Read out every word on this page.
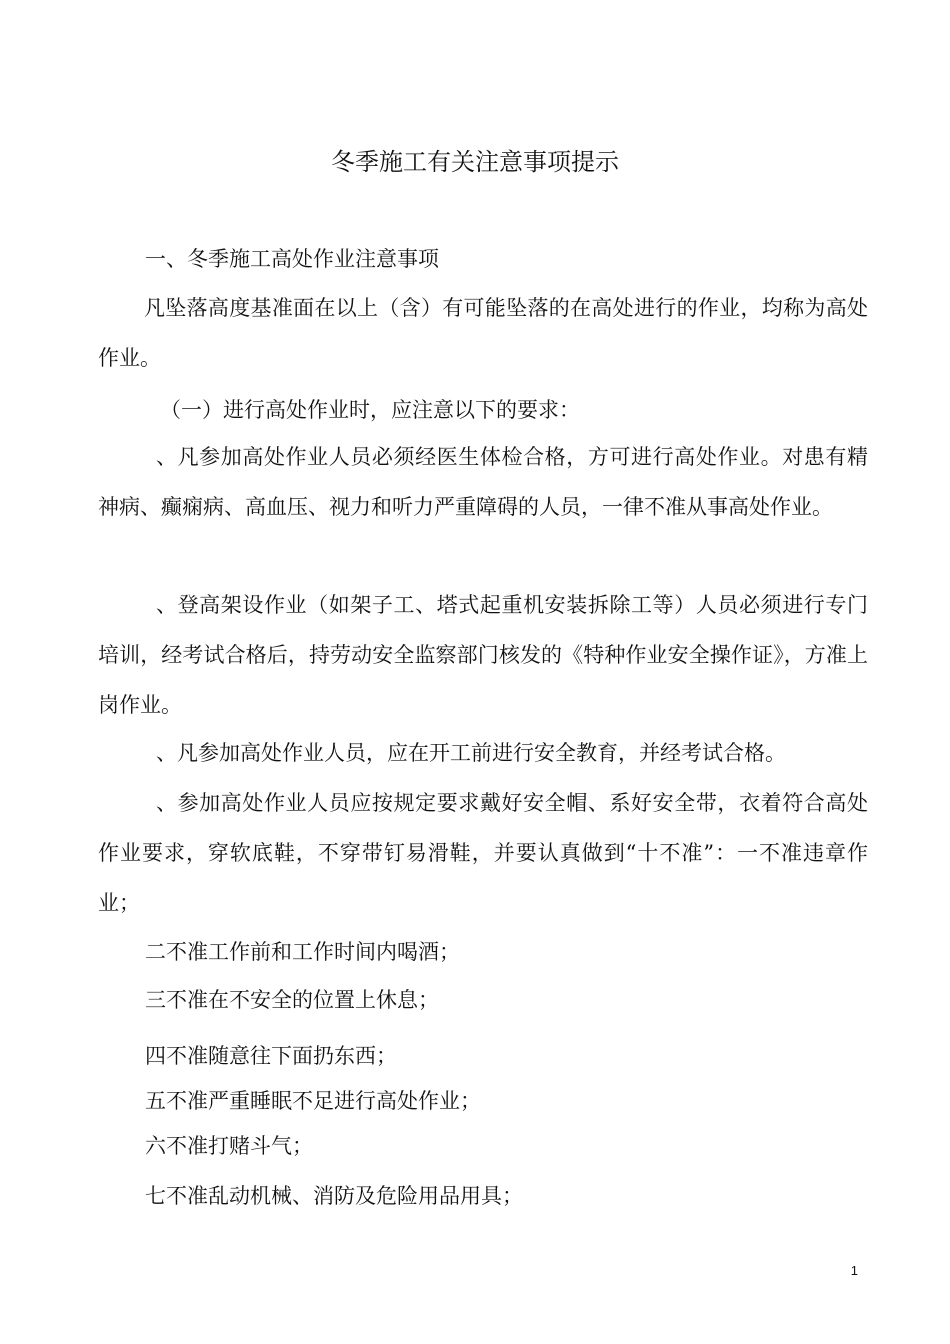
冬季施工有关注意事项提示
一、冬季施工高处作业注意事项
凡坠落高度基准面在以上（含）有可能坠落的在高处进行的作业，均称为高处作业。
（一）进行高处作业时，应注意以下的要求：
、凡参加高处作业人员必须经医生体检合格，方可进行高处作业。对患有精神病、癫痫病、高血压、视力和听力严重障碍的人员，一律不准从事高处作业。
、登高架设作业（如架子工、塔式起重机安装拆除工等）人员必须进行专门培训，经考试合格后，持劳动安全监察部门核发的《特种作业安全操作证》，方准上岗作业。
、凡参加高处作业人员，应在开工前进行安全教育，并经考试合格。
、参加高处作业人员应按规定要求戴好安全帽、系好安全带，衣着符合高处作业要求，穿软底鞋，不穿带钉易滑鞋，并要认真做到“十不准”：一不准违章作业；
二不准工作前和工作时间内喝酒；
三不准在不安全的位置上休息；
四不准随意往下面扔东西；
五不准严重睡眠不足进行高处作业；
六不准打赌斗气；
七不准乱动机械、消防及危险用品用具；
1
